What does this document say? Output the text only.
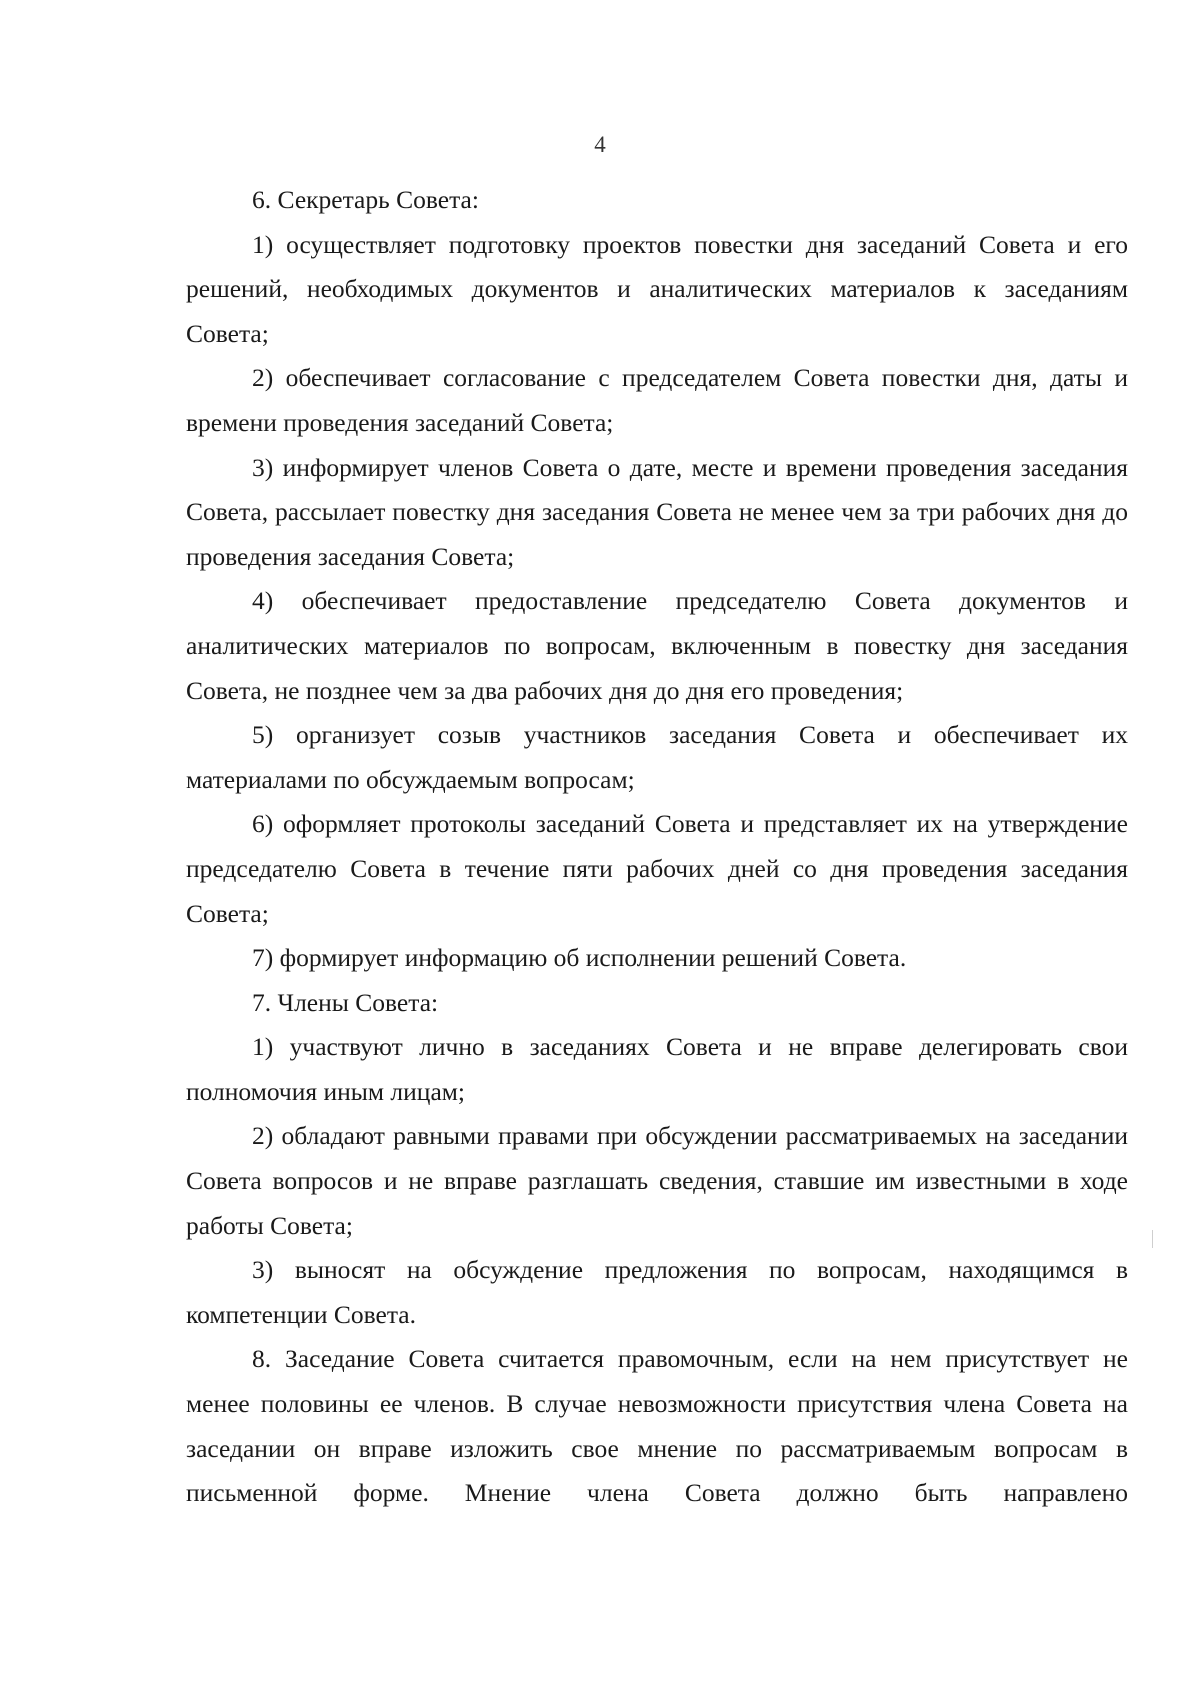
4

6. Секретарь Совета:

1) осуществляет подготовку проектов повестки дня заседаний Совета и его решений, необходимых документов и аналитических материалов к заседаниям Совета;

2) обеспечивает согласование с председателем Совета повестки дня, даты и времени проведения заседаний Совета;

3) информирует членов Совета о дате, месте и времени проведения заседания Совета, рассылает повестку дня заседания Совета не менее чем за три рабочих дня до проведения заседания Совета;

4) обеспечивает предоставление председателю Совета документов и аналитических материалов по вопросам, включенным в повестку дня заседания Совета, не позднее чем за два рабочих дня до дня его проведения;

5) организует созыв участников заседания Совета и обеспечивает их материалами по обсуждаемым вопросам;

6) оформляет протоколы заседаний Совета и представляет их на утверждение председателю Совета в течение пяти рабочих дней со дня проведения заседания Совета;

7) формирует информацию об исполнении решений Совета.

7. Члены Совета:

1) участвуют лично в заседаниях Совета и не вправе делегировать свои полномочия иным лицам;

2) обладают равными правами при обсуждении рассматриваемых на заседании Совета вопросов и не вправе разглашать сведения, ставшие им известными в ходе работы Совета;

3) выносят на обсуждение предложения по вопросам, находящимся в компетенции Совета.

8. Заседание Совета считается правомочным, если на нем присутствует не менее половины ее членов. В случае невозможности присутствия члена Совета на заседании он вправе изложить свое мнение по рассматриваемым вопросам в письменной форме. Мнение члена Совета должно быть направлено
